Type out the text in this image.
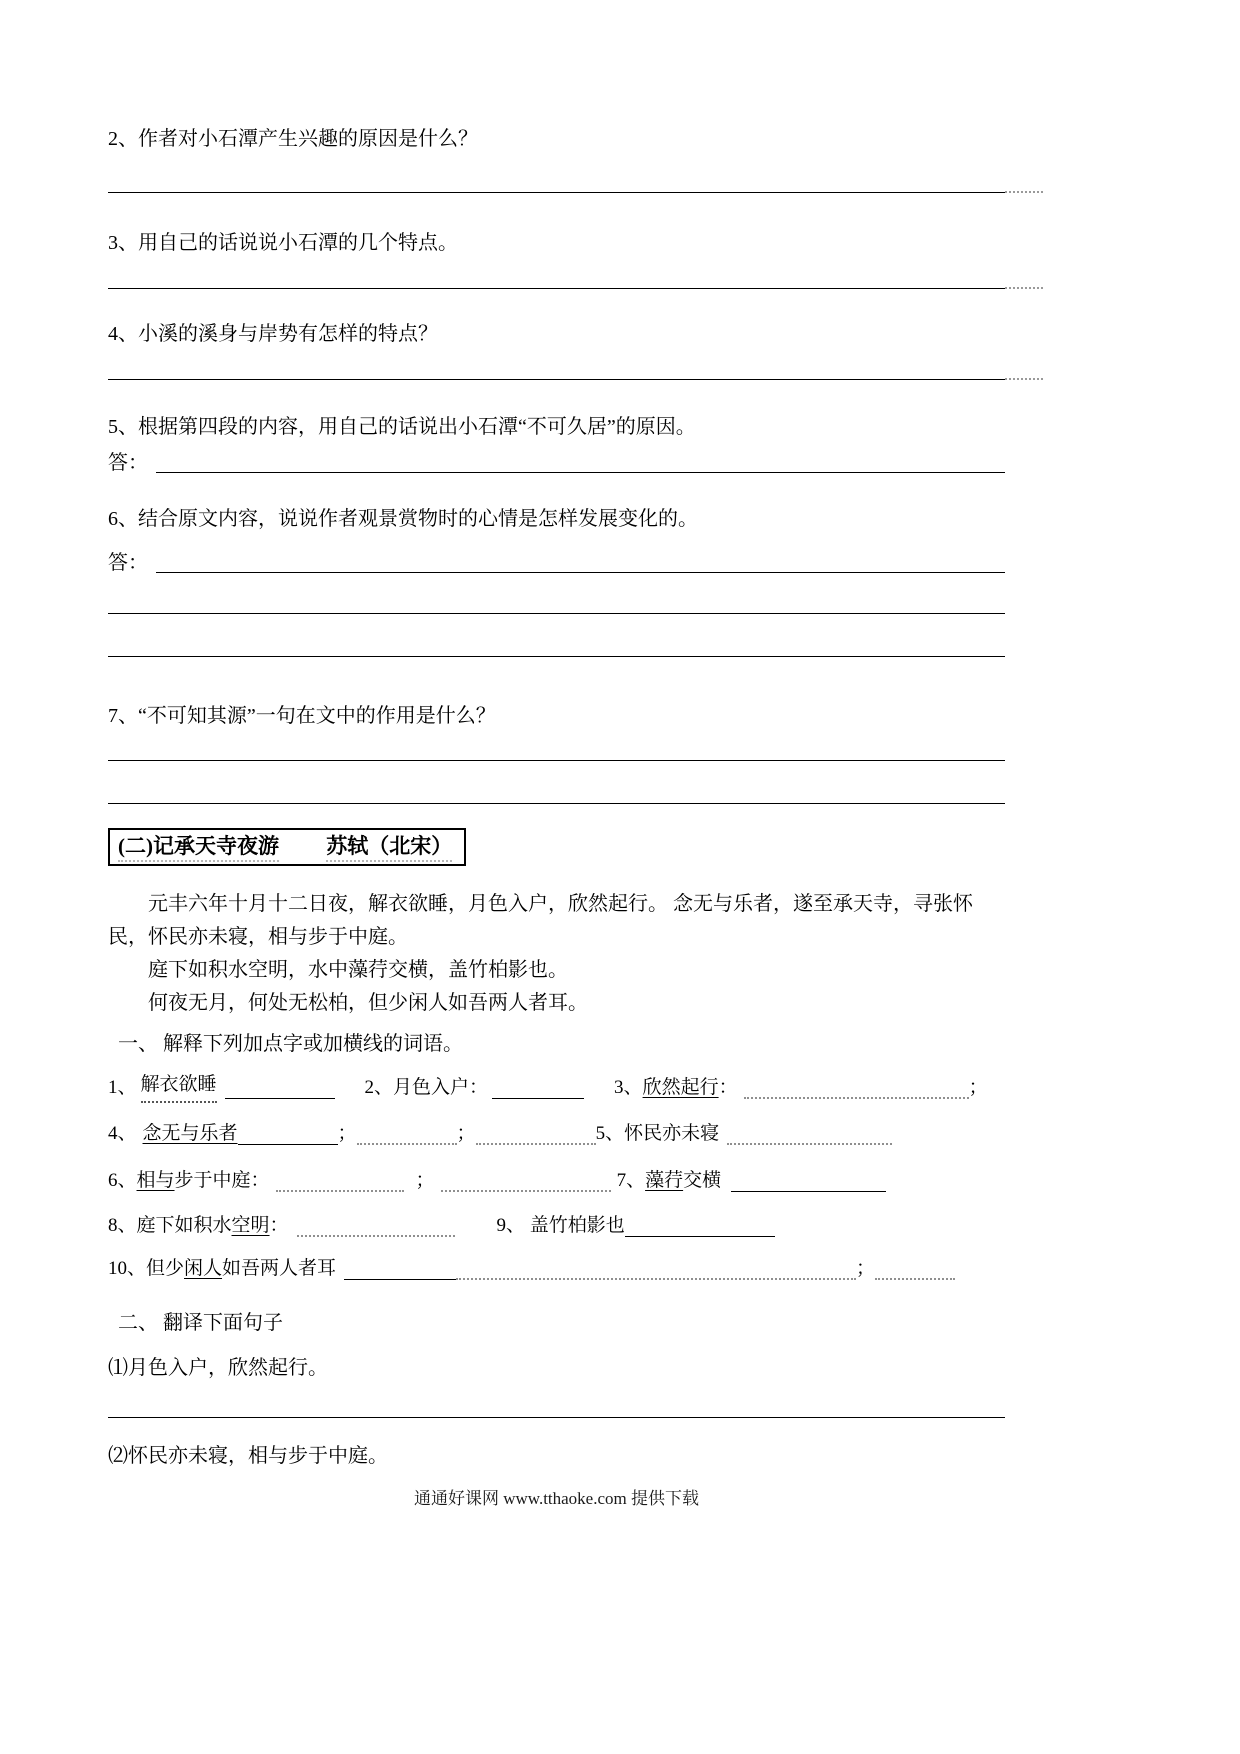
2、作者对小石潭产生兴趣的原因是什么？
3、用自己的话说说小石潭的几个特点。
4、小溪的溪身与岸势有怎样的特点？
5、根据第四段的内容，用自己的话说出小石潭“不可久居”的原因。
答：
6、结合原文内容，说说作者观景赏物时的心情是怎样发展变化的。
答：
7、“不可知其源”一句在文中的作用是什么？
(二)记承天寺夜游 苏轼（北宋）

元丰六年十月十二日夜，解衣欲睡，月色入户，欣然起行。 念无与乐者，遂至承天寺，寻张怀民，怀民亦未寝，相与步于中庭。

庭下如积水空明，水中藻荇交横，盖竹柏影也。

何夜无月，何处无松柏，但少闲人如吾两人者耳。

一、 解释下列加点字或加横线的词语。
1、 解衣欲睡	2、月色入户：	3、 欣然起行 ：	；
4、 念无与乐者	；	；	5、怀民亦未寝
6、 相与 步于中庭：	；	7、 藻荇 交横
8、庭下如积水 空明 ：	9、 盖竹柏影也
10、但少 闲人 如吾两人者耳	；
二、 翻译下面句子
⑴月色入户，欣然起行。
⑵怀民亦未寝，相与步于中庭。
通通好课网 www.tthaoke.com 提供下载
